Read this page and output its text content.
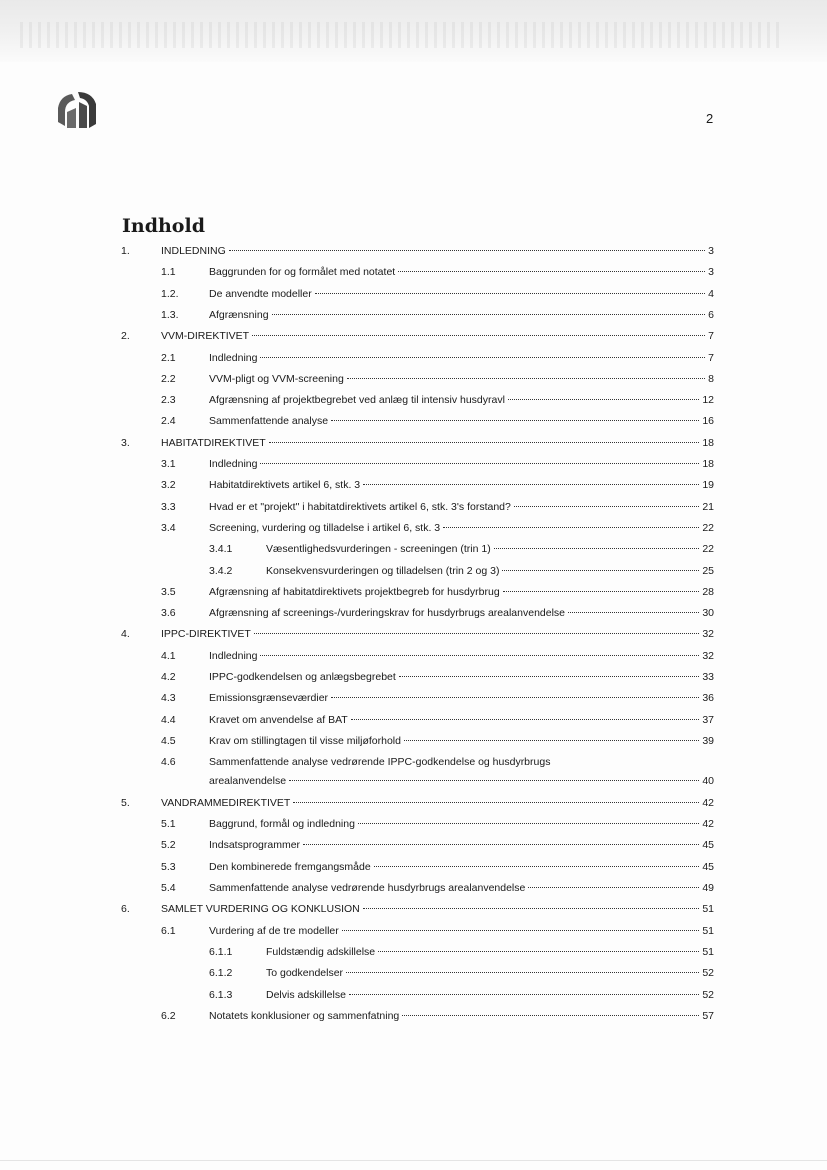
2
Indhold
1.	INDLEDNING	3
1.1	Baggrunden for og formålet med notatet	3
1.2.	De anvendte modeller	4
1.3.	Afgrænsning	6
2.	VVM-DIREKTIVET	7
2.1	Indledning	7
2.2	VVM-pligt og VVM-screening	8
2.3	Afgrænsning af projektbegrebet ved anlæg til intensiv husdyravl	12
2.4	Sammenfattende analyse	16
3.	HABITATDIREKTIVET	18
3.1	Indledning	18
3.2	Habitatdirektivets artikel 6, stk. 3	19
3.3	Hvad er et "projekt" i habitatdirektivets artikel 6, stk. 3's forstand?	21
3.4	Screening, vurdering og tilladelse i artikel 6, stk. 3	22
3.4.1	Væsentlighedsvurderingen - screeningen (trin 1)	22
3.4.2	Konsekvensvurderingen og tilladelsen (trin 2 og 3)	25
3.5	Afgrænsning af habitatdirektivets projektbegreb for husdyrbrug	28
3.6	Afgrænsning af screenings-/vurderingskrav for husdyrbrugs arealanvendelse	30
4.	IPPC-DIREKTIVET	32
4.1	Indledning	32
4.2	IPPC-godkendelsen og anlægsbegrebet	33
4.3	Emissionsgrænseværdier	36
4.4	Kravet om anvendelse af BAT	37
4.5	Krav om stillingtagen til visse miljøforhold	39
4.6	Sammenfattende analyse vedrørende IPPC-godkendelse og husdyrbrugs
arealanvendelse	40
5.	VANDRAMMEDIREKTIVET	42
5.1	Baggrund, formål og indledning	42
5.2	Indsatsprogrammer	45
5.3	Den kombinerede fremgangsmåde	45
5.4	Sammenfattende analyse vedrørende husdyrbrugs arealanvendelse	49
6.	SAMLET VURDERING OG KONKLUSION	51
6.1	Vurdering af de tre modeller	51
6.1.1	Fuldstændig adskillelse	51
6.1.2	To godkendelser	52
6.1.3	Delvis adskillelse	52
6.2	Notatets konklusioner og sammenfatning	57
